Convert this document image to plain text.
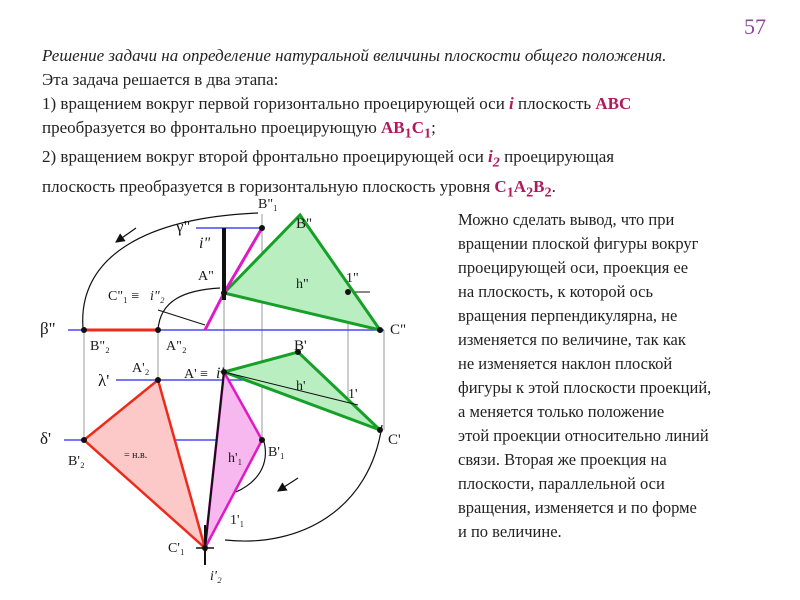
57
Решение задачи на определение натуральной величины плоскости общего положения.
Эта задача решается в два этапа:
1) вращением вокруг первой горизонтально проецирующей оси i плоскость ABC
преобразуется во фронтально проецирующую $AB_1C_1$;
2) вращением вокруг второй фронтально проецирующей оси $i_2$ проецирующая
плоскость преобразуется в горизонтальную плоскость уровня $C_1A_2B_2$.
Можно сделать вывод, что при
вращении плоской фигуры вокруг
проецирующей оси, проекция ее
на плоскость, к которой ось
вращения перпендикулярна, не
изменяется по величине, так как
не изменяется наклон плоской
фигуры к этой плоскости проекций,
а меняется только положение
этой проекции относительно линий
связи. Вторая же проекция на
плоскости, параллельной оси
вращения, изменяется и по форме
и по величине.
γ"
i"
B"₁
B"
A"
C"₁ ≡ i"₂
h"	1"
β"
B"₂	A"₂
C"
B'
λ'
A'₂ A' ≡ i'
h'
1'
δ'	C'
B'₂	= н.в.	h'₁ B'₁
1'₁
C'₁
i'₂
